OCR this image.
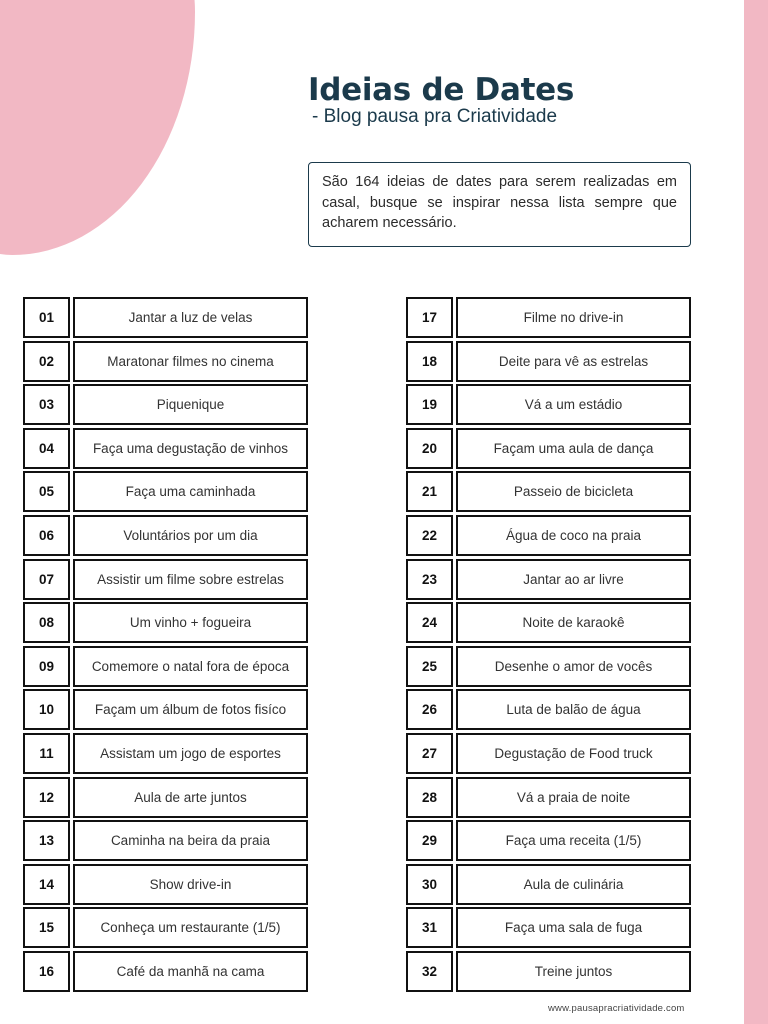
Ideias de Dates
- Blog pausa pra Criatividade
São 164 ideias de dates para serem realizadas em casal, busque se inspirar nessa lista sempre que acharem necessário.
01	Jantar a luz de velas
02	Maratonar filmes no cinema
03	Piquenique
04	Faça uma degustação de vinhos
05	Faça uma caminhada
06	Voluntários por um dia
07	Assistir um filme sobre estrelas
08	Um vinho + fogueira
09	Comemore o natal fora de época
10	Façam um álbum de fotos fisíco
11	Assistam um jogo de esportes
12	Aula de arte juntos
13	Caminha na beira da praia
14	Show drive-in
15	Conheça um restaurante (1/5)
16	Café da manhã na cama
17	Filme no drive-in
18	Deite para vê as estrelas
19	Vá a um estádio
20	Façam uma aula de dança
21	Passeio de bicicleta
22	Água de coco na praia
23	Jantar ao ar livre
24	Noite de karaokê
25	Desenhe o amor de vocês
26	Luta de balão de água
27	Degustação de Food truck
28	Vá a praia de noite
29	Faça uma receita (1/5)
30	Aula de culinária
31	Faça uma sala de fuga
32	Treine juntos
www.pausapracriatividade.com
